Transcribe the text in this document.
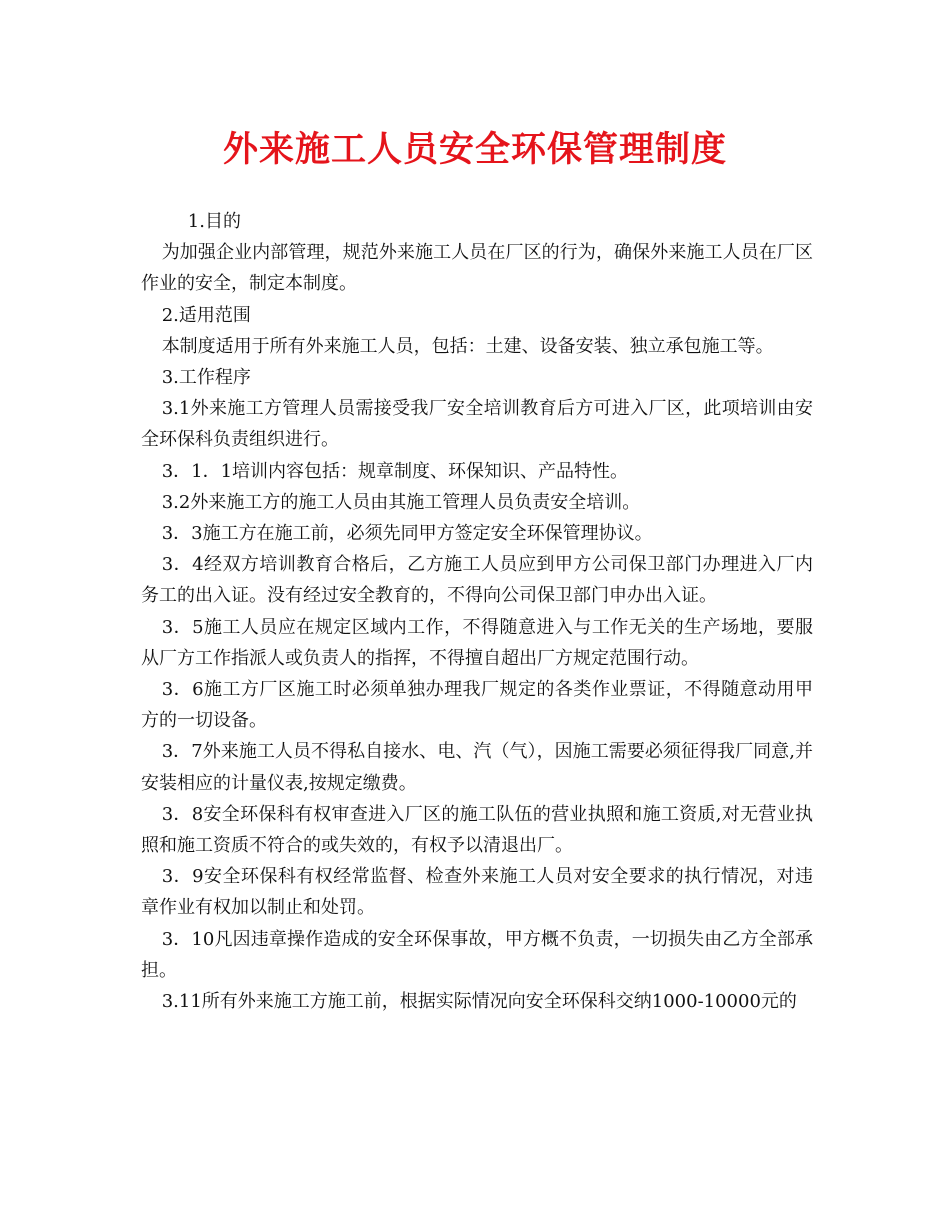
外来施工人员安全环保管理制度

1.目的

为加强企业内部管理，规范外来施工人员在厂区的行为，确保外来施工人员在厂区作业的安全，制定本制度。

2.适用范围

本制度适用于所有外来施工人员，包括：土建、设备安装、独立承包施工等。

3.工作程序

3.1外来施工方管理人员需接受我厂安全培训教育后方可进入厂区，此项培训由安全环保科负责组织进行。

3．1．1培训内容包括：规章制度、环保知识、产品特性。

3.2外来施工方的施工人员由其施工管理人员负责安全培训。

3．3施工方在施工前，必须先同甲方签定安全环保管理协议。

3．4经双方培训教育合格后，乙方施工人员应到甲方公司保卫部门办理进入厂内务工的出入证。没有经过安全教育的，不得向公司保卫部门申办出入证。

3．5施工人员应在规定区域内工作，不得随意进入与工作无关的生产场地，要服从厂方工作指派人或负责人的指挥，不得擅自超出厂方规定范围行动。

3．6施工方厂区施工时必须单独办理我厂规定的各类作业票证，不得随意动用甲方的一切设备。

3．7外来施工人员不得私自接水、电、汽（气），因施工需要必须征得我厂同意,并安装相应的计量仪表,按规定缴费。

3．8安全环保科有权审查进入厂区的施工队伍的营业执照和施工资质,对无营业执照和施工资质不符合的或失效的，有权予以清退出厂。

3．9安全环保科有权经常监督、检查外来施工人员对安全要求的执行情况，对违章作业有权加以制止和处罚。

3．10凡因违章操作造成的安全环保事故，甲方概不负责，一切损失由乙方全部承担。

3.11所有外来施工方施工前，根据实际情况向安全环保科交纳1000-10000元的
